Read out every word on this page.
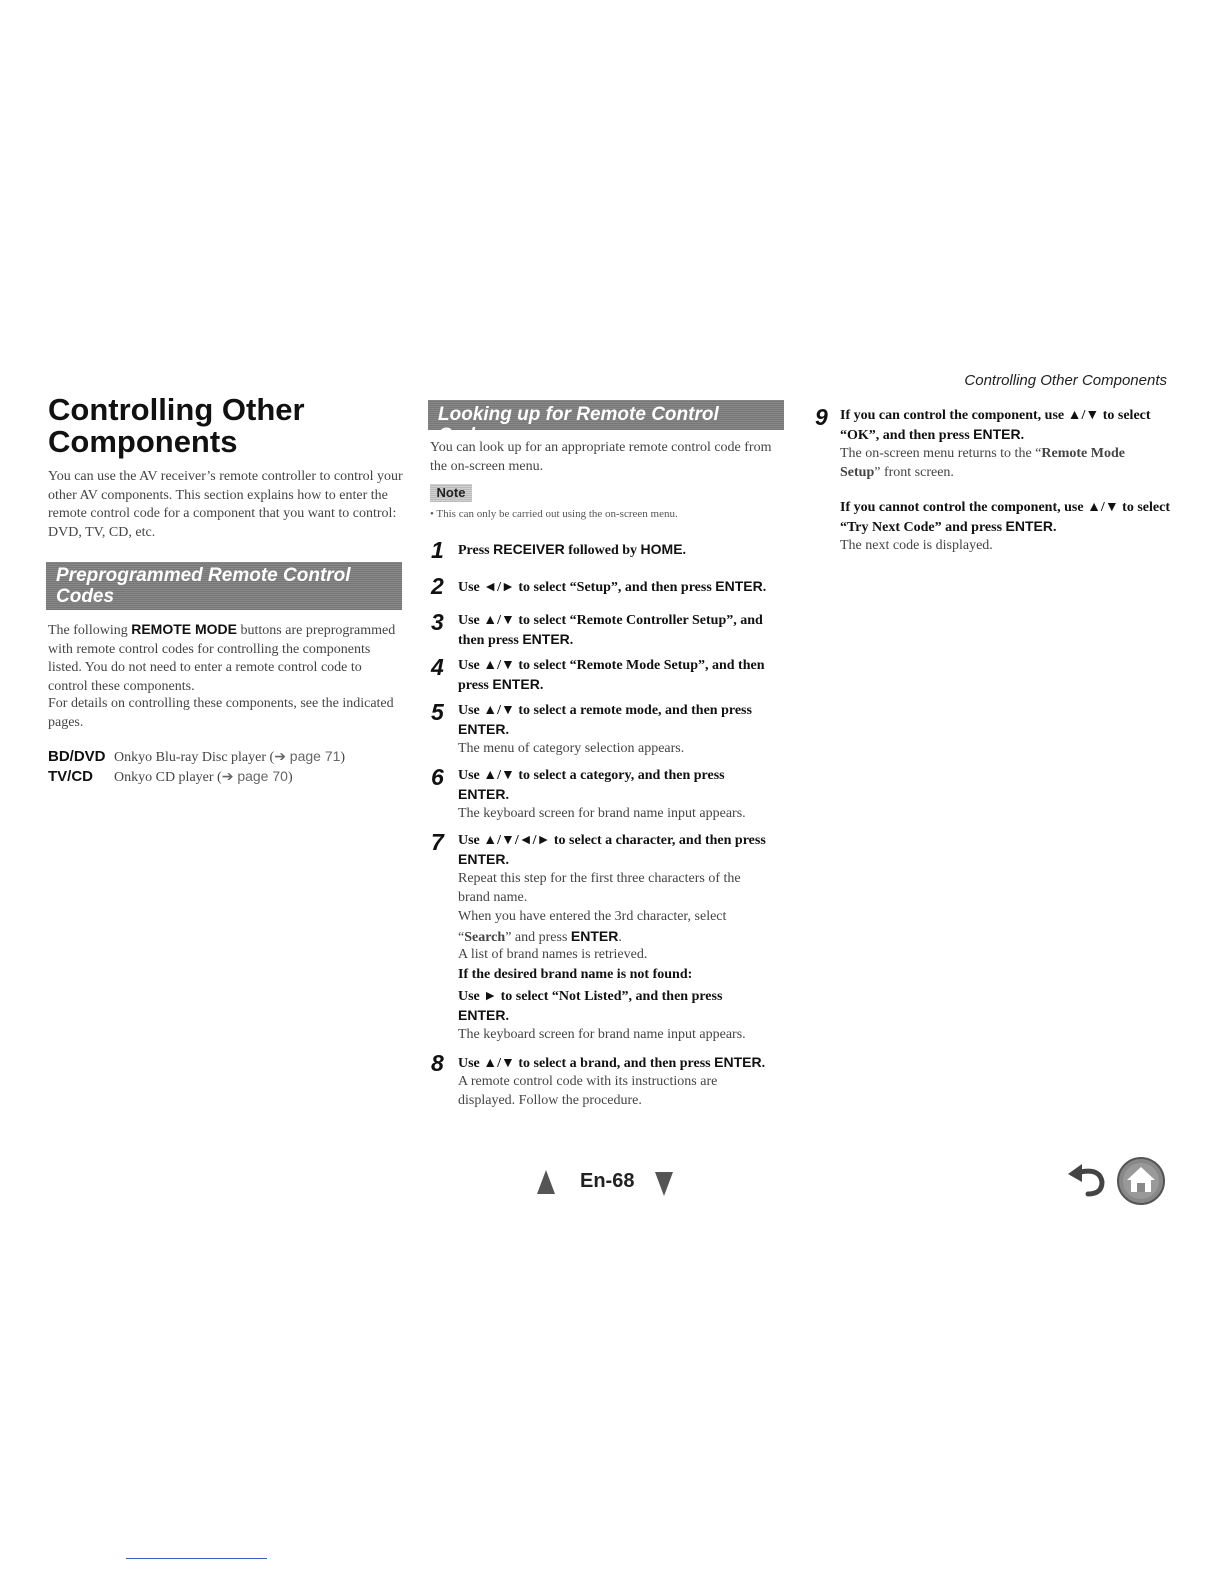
Controlling Other Components
Controlling Other Components

You can use the AV receiver’s remote controller to control your other AV components. This section explains how to enter the remote control code for a component that you want to control: DVD, TV, CD, etc.

Preprogrammed Remote Control Codes

The following REMOTE MODE buttons are preprogrammed with remote control codes for controlling the components listed. You do not need to enter a remote control code to control these components.

For details on controlling these components, see the indicated pages.

BD/DVD Onkyo Blu-ray Disc player (➔ page 71)
TV/CD Onkyo CD player (➔ page 70)
Looking up for Remote Control Codes

You can look up for an appropriate remote control code from the on-screen menu.

Note
• This can only be carried out using the on-screen menu.
1	Press RECEIVER followed by HOME.

2	Use ◄/► to select “Setup”, and then press ENTER.

3	Use ▲/▼ to select “Remote Controller Setup”, and then press ENTER.

4	Use ▲/▼ to select “Remote Mode Setup”, and then press ENTER.

5	Use ▲/▼ to select a remote mode, and then press ENTER.

The menu of category selection appears.

6	Use ▲/▼ to select a category, and then press ENTER.

The keyboard screen for brand name input appears.

7	Use ▲/▼/◄/► to select a character, and then press ENTER.

Repeat this step for the first three characters of the brand name.

When you have entered the 3rd character, select “Search” and press ENTER.

A list of brand names is retrieved.

If the desired brand name is not found:

Use ► to select “Not Listed”, and then press ENTER.

The keyboard screen for brand name input appears.

8	Use ▲/▼ to select a brand, and then press ENTER.

A remote control code with its instructions are displayed. Follow the procedure.

9 If you can control the component, use ▲/▼ to select “OK”, and then press ENTER.

The on-screen menu returns to the “Remote Mode Setup” front screen.

If you cannot control the component, use ▲/▼ to select “Try Next Code” and press ENTER.

The next code is displayed.

En-68
